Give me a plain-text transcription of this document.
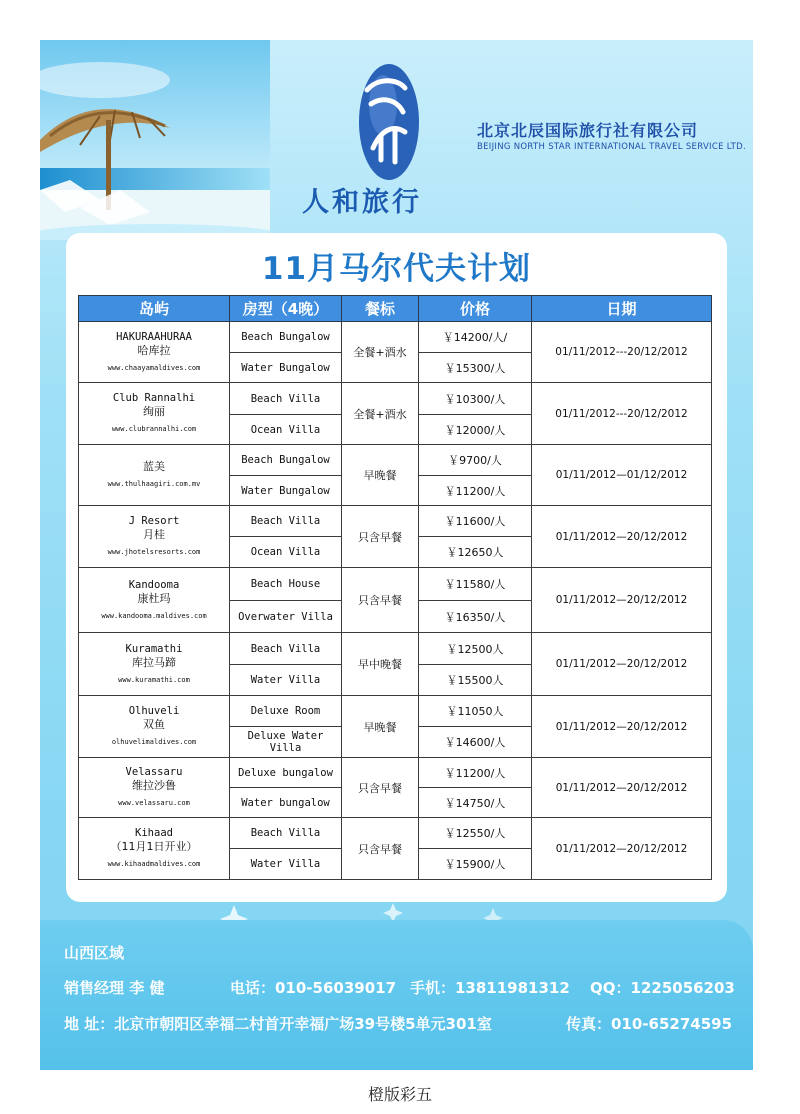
人和旅行
北京北辰国际旅行社有限公司
BEIJING NORTH STAR INTERNATIONAL TRAVEL SERVICE LTD.
11月马尔代夫计划
岛屿	房型（4晚）	餐标	价格	日期

HAKURAAHURAA
哈库拉
www.chaayamaldives.com	Beach Bungalow	全餐+酒水	￥14200/人/	01/11/2012---20/12/2012
	Water Bungalow		￥15300/人	

Club Rannalhi
绚丽
www.clubrannalhi.com	Beach Villa	全餐+酒水	￥10300/人	01/11/2012---20/12/2012
	Ocean Villa		￥12000/人	

蓝美
www.thulhaagiri.com.mv	Beach Bungalow	早晚餐	￥9700/人	01/11/2012—01/12/2012
	Water Bungalow		￥11200/人	

J Resort
月桂
www.jhotelsresorts.com	Beach Villa	只含早餐	￥11600/人	01/11/2012—20/12/2012
	Ocean Villa		￥12650人	

Kandooma
康杜玛
www.kandooma.maldives.com	Beach House	只含早餐	￥11580/人	01/11/2012—20/12/2012
	Overwater Villa		￥16350/人	

Kuramathi
库拉马蹄
www.kuramathi.com	Beach Villa	早中晚餐	￥12500人	01/11/2012—20/12/2012
	Water Villa		￥15500人	

Olhuveli
双鱼
olhuvelimaldives.com	Deluxe Room	早晚餐	￥11050人	01/11/2012—20/12/2012
	Deluxe Water Villa		￥14600/人	

Velassaru
维拉沙鲁
www.velassaru.com	Deluxe bungalow	只含早餐	￥11200/人	01/11/2012—20/12/2012
	Water bungalow		￥14750/人	

Kihaad
（11月1日开业）
www.kihaadmaldives.com	Beach Villa	只含早餐	￥12550/人	01/11/2012—20/12/2012
	Water Villa		￥15900/人	
山西区域
销售经理 李 健	电话：010-56039017 手机：13811981312 QQ：1225056203
地 址：北京市朝阳区幸福二村首开幸福广场39号楼5单元301室	传真：010-65274595
橙版彩五
